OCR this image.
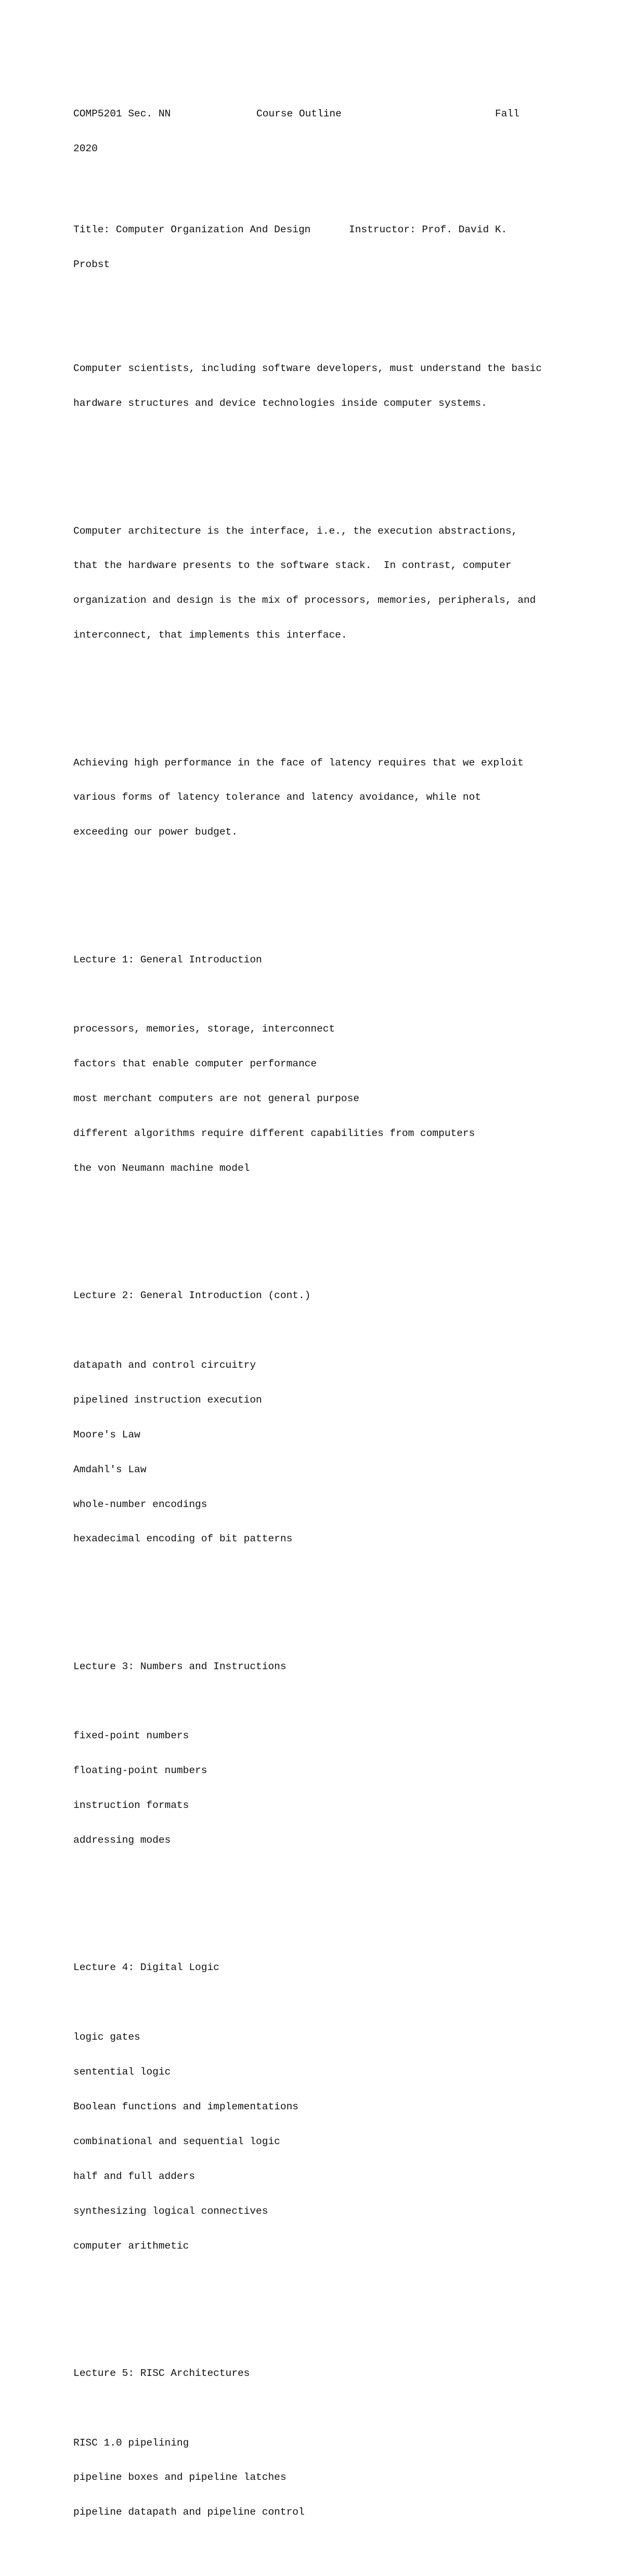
COMP5201 Sec. NN

	Course Outline

	Fall

2020

Title: Computer Organization And Design

	Instructor: Prof. David K.

Probst

Computer scientists, including software developers, must understand the basic

hardware structures and device technologies inside computer systems.

Computer architecture is the interface, i.e., the execution abstractions,

that the hardware presents to the software stack.  In contrast, computer

organization and design is the mix of processors, memories, peripherals, and

interconnect, that implements this interface.

Achieving high performance in the face of latency requires that we exploit

various forms of latency tolerance and latency avoidance, while not

exceeding our power budget.

Lecture 1: General Introduction

processors, memories, storage, interconnect

factors that enable computer performance

most merchant computers are not general purpose

different algorithms require different capabilities from computers

the von Neumann machine model

Lecture 2: General Introduction (cont.)

datapath and control circuitry

pipelined instruction execution

Moore's Law

Amdahl's Law

whole-number encodings

hexadecimal encoding of bit patterns

Lecture 3: Numbers and Instructions

fixed-point numbers

floating-point numbers

instruction formats

addressing modes

Lecture 4: Digital Logic

logic gates

sentential logic

Boolean functions and implementations

combinational and sequential logic

half and full adders

synthesizing logical connectives

computer arithmetic

Lecture 5: RISC Architectures

RISC 1.0 pipelining

pipeline boxes and pipeline latches

pipeline datapath and pipeline control
